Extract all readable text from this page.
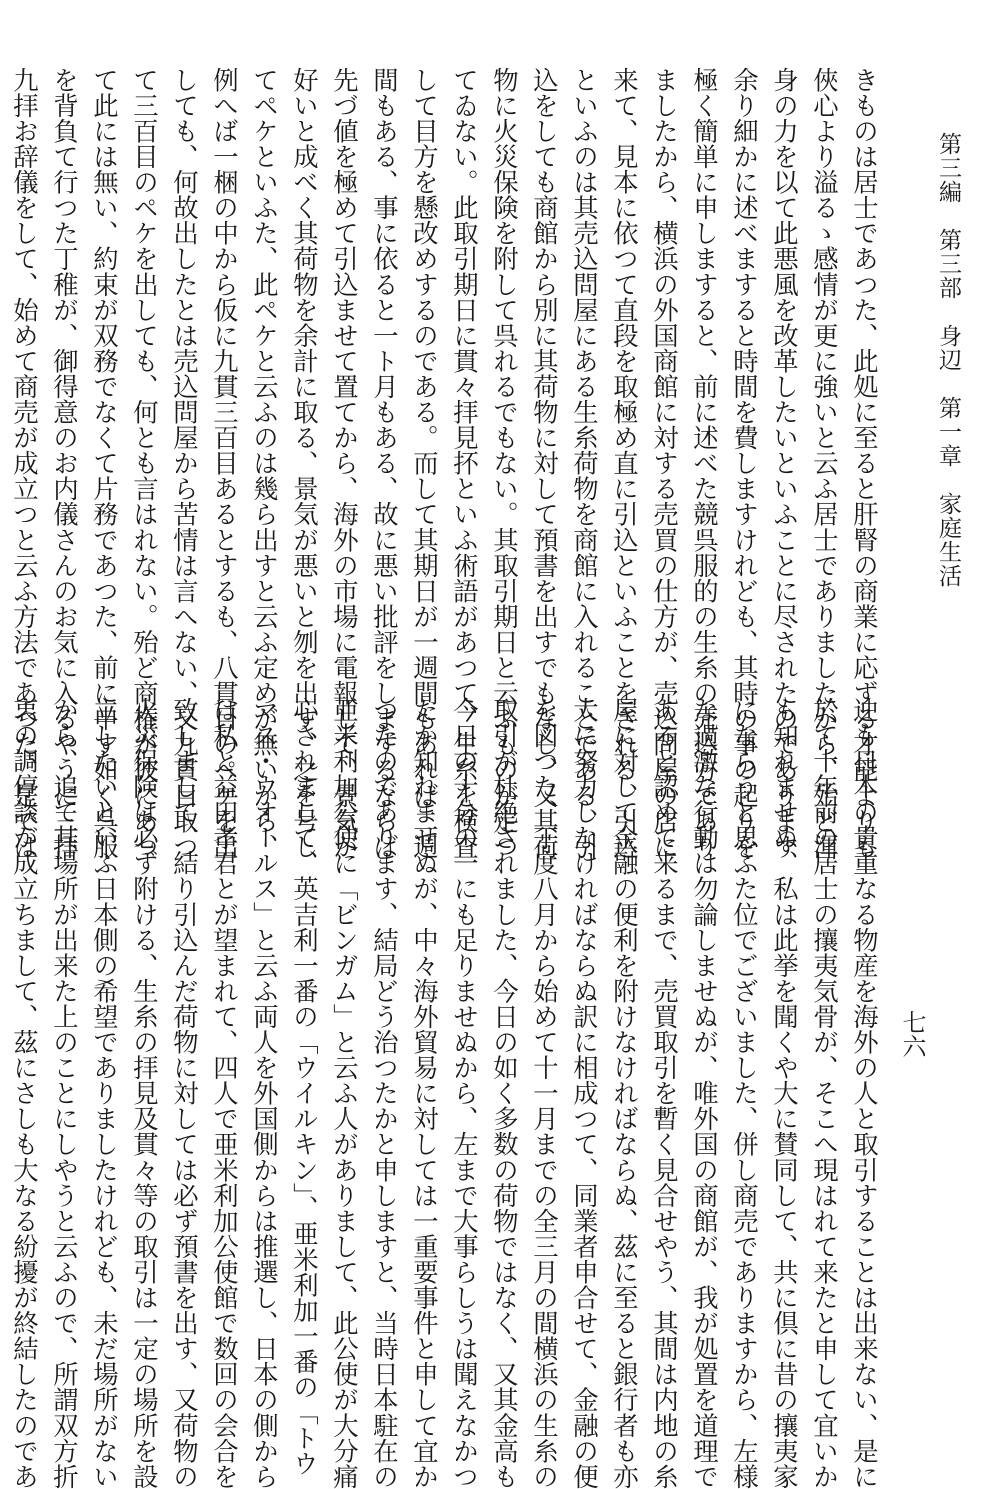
第三編　第三部　身辺　第一章　家庭生活
七六
きものは居士であつた、此処に至ると肝腎の商業に応ずる才能よりも
俠心より溢るゝ感情が更に強いと云ふ居士でありましたから、殆ど渾
身の力を以て此悪風を改革したいといふことに尽されたのであります
余り細かに述べますると時間を費しますけれども、其時の事の起りを
極く簡単に申しますると、前に述べた競呉服的の生糸の売込方であり
ましたから、横浜の外国商館に対する売買の仕方が、売込問屋の店に
来て、見本に依つて直段を取極め直に引込といふことをされる、引込
といふのは其売込問屋にある生糸荷物を商館に入れることである、引
込をしても商館から別に其荷物に対して預書を出すでもなし、又其荷
物に火災保険を附して呉れるでもない。其取引期日と云ふものが定つ
てゐない。此取引期日に貫々拝見抔といふ術語があつて、生糸を検査
して目方を懸改めするのである。而して其期日が一週間もあれば二週
間もある、事に依ると一ト月もある、故に悪い批評をしまするならば
先づ値を極めて引込ませて置てから、海外の市場に電報して、景気が
好いと成べく其荷物を余計に取る、景気が悪いと刎を出す、之を号し
てペケといふた、此ペケと云ふのは幾ら出すと云ふ定めが無いから、
例へば一梱の中から仮に九貫三百目あるとするも、八貫目のペケを出
しても、何故出したとは売込問屋から苦情は言へない、又九貫目取つ
て三百目のペケを出しても、何とも言はれない。殆ど商権が彼にあつ
て此には無い、約束が双務でなくて片務であつた、前に申す如く呉服
を背負て行つた丁稚が、御得意のお内儀さんのお気に入るやうに三拝
九拝お辞儀をして、始めて商売が成立つと云ふ方法であつた、是では
迚も日本の貴重なる物産を海外の人と取引することは出来ない、是に
於て十年前の居士の攘夷気骨が、そこへ現はれて来たと申して宜いか
も知れませぬ、私は此挙を聞くや大に賛同して、共に倶に昔の攘夷家
にならうと思ふた位でございました、併し商売でありますから、左様
な過激な行動は勿論しませぬが、唯外国の商館が、我が処置を道理で
あると認めて来るまで、売買取引を暫く見合せやう、其間は内地の糸
屋に対して金融の便利を附けなければならぬ、茲に至ると銀行者も亦
大に努力しなければならぬ訳に相成つて、同業者申合せて、金融の便
を図つた、丁度八月から始めて十一月までの全三月の間横浜の生糸の
取引が杜絶されました、今日の如く多数の荷物ではなく、又其金高も
今日の十分の一にも足りませぬから、左まで大事らしうは聞えなかつ
たか知れませぬが、中々海外貿易に対しては一重要事件と申して宜か
つたのであります、結局どう治つたかと申しますと、当時日本駐在の
亜米利加公使に「ビンガム」と云ふ人がありまして、此公使が大分痛
心されまして、英吉利一番の「ウイルキン」、亜米利加一番の「トウ
マス・ウオールス」と云ふ両人を外国側からは推選し、日本の側から
は私と益田孝君とが望まれて、四人で亜米利加公使館で数回の会合を
致しまして、結り引込んだ荷物に対しては必ず預書を出す、又荷物の
火災保険は必ず附ける、生糸の拝見及貫々等の取引は一定の場所を設
立したいといふ日本側の希望でありましたけれども、未だ場所がない
から、追て其場所が出来た上のことにしやうと云ふので、所謂双方折
衷の調停談が成立ちまして、茲にさしも大なる紛擾が終結したのであ
